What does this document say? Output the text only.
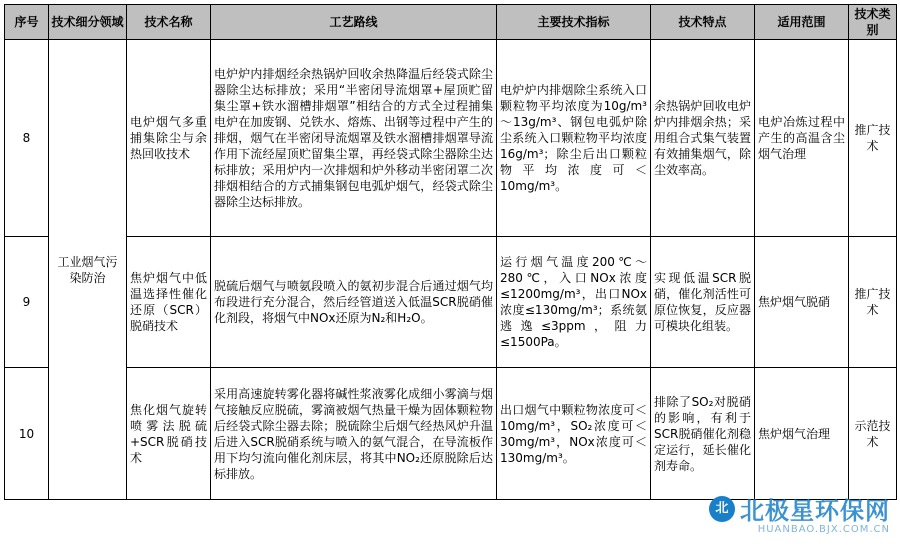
序号	技术细分领域	技术名称	工艺路线	主要技术指标	技术特点	适用范围	技术类别
8	工业烟气污染防治	电炉烟气多重捕集除尘与余热回收技术	电炉炉内排烟经余热锅炉回收余热降温后经袋式除尘器除尘达标排放；采用“半密闭导流烟罩+屋顶贮留集尘罩+铁水溜槽排烟罩”相结合的方式全过程捕集电炉在加废钢、兑铁水、熔炼、出钢等过程中产生的排烟，烟气在半密闭导流烟罩及铁水溜槽排烟罩导流作用下流经屋顶贮留集尘罩，再经袋式除尘器除尘达标排放；采用炉内一次排烟和炉外移动半密闭罩二次排烟相结合的方式捕集钢包电弧炉烟气，经袋式除尘器除尘达标排放。	电炉炉内排烟除尘系统入口颗粒物平均浓度为10g/m³～13g/m³、钢包电弧炉除尘系统入口颗粒物平均浓度16g/m³；除尘后出口颗粒物平均浓度可＜10mg/m³。	余热锅炉回收电炉炉内排烟余热；采用组合式集气装置有效捕集烟气，除尘效率高。	电炉冶炼过程中产生的高温含尘烟气治理	推广技术
9		焦炉烟气中低温选择性催化还原（SCR）脱硝技术	脱硫后烟气与喷氨段喷入的氨初步混合后通过烟气均布段进行充分混合，然后经管道送入低温SCR脱硝催化剂段，将烟气中NOx还原为N₂和H₂O。	运行烟气温度200℃～280℃，入口NOx浓度≤1200mg/m³，出口NOx浓度≤130mg/m³；系统氨逃逸≤3ppm，阻力≤1500Pa。	实现低温SCR脱硝，催化剂活性可原位恢复，反应器可模块化组装。	焦炉烟气脱硝	推广技术
10		焦化烟气旋转喷雾法脱硫+SCR脱硝技术	采用高速旋转雾化器将碱性浆液雾化成细小雾滴与烟气接触反应脱硫，雾滴被烟气热量干燥为固体颗粒物后经袋式除尘器去除；脱硫除尘后烟气经热风炉升温后进入SCR脱硝系统与喷入的氨气混合，在导流板作用下均匀流向催化剂床层，将其中NO₂还原脱除后达标排放。	出口烟气中颗粒物浓度可＜10mg/m³，SO₂浓度可＜30mg/m³，NOx浓度可＜130mg/m³。	排除了SO₂对脱硝的影响，有利于SCR脱硝催化剂稳定运行，延长催化剂寿命。	焦炉烟气治理	示范技术
北 北极星环保网
HUANBAO.BJX.COM.CN
